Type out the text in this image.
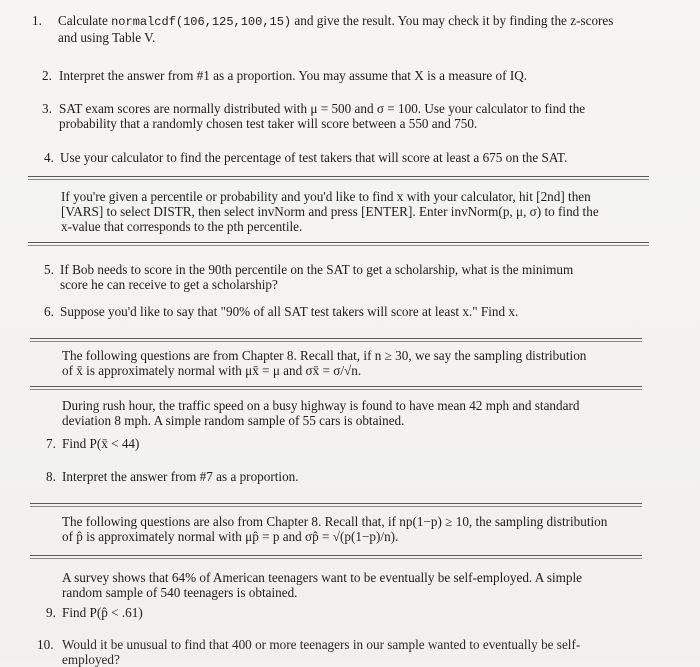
1. Calculate normalcdf(106,125,100,15) and give the result. You may check it by finding the z-scores
and using Table V.
2. Interpret the answer from #1 as a proportion. You may assume that X is a measure of IQ.
3. SAT exam scores are normally distributed with μ = 500 and σ = 100. Use your calculator to find the
probability that a randomly chosen test taker will score between a 550 and 750.
4. Use your calculator to find the percentage of test takers that will score at least a 675 on the SAT.
If you're given a percentile or probability and you'd like to find x with your calculator, hit [2nd] then
[VARS] to select DISTR, then select invNorm and press [ENTER]. Enter invNorm(p, μ, σ) to find the
x-value that corresponds to the pth percentile.
5. If Bob needs to score in the 90th percentile on the SAT to get a scholarship, what is the minimum
score he can receive to get a scholarship?
6. Suppose you'd like to say that "90% of all SAT test takers will score at least x." Find x.
The following questions are from Chapter 8. Recall that, if n ≥ 30, we say the sampling distribution
of x̄ is approximately normal with μx̄ = μ and σx̄ = σ/√n.
During rush hour, the traffic speed on a busy highway is found to have mean 42 mph and standard
deviation 8 mph. A simple random sample of 55 cars is obtained.
7. Find P(x̄ < 44)
8. Interpret the answer from #7 as a proportion.
The following questions are also from Chapter 8. Recall that, if np(1−p) ≥ 10, the sampling distribution
of p̂ is approximately normal with μp̂ = p and σp̂ = √(p(1−p)/n).
A survey shows that 64% of American teenagers want to be eventually be self-employed. A simple
random sample of 540 teenagers is obtained.
9. Find P(p̂ < .61)
10. Would it be unusual to find that 400 or more teenagers in our sample wanted to eventually be self-
employed?
